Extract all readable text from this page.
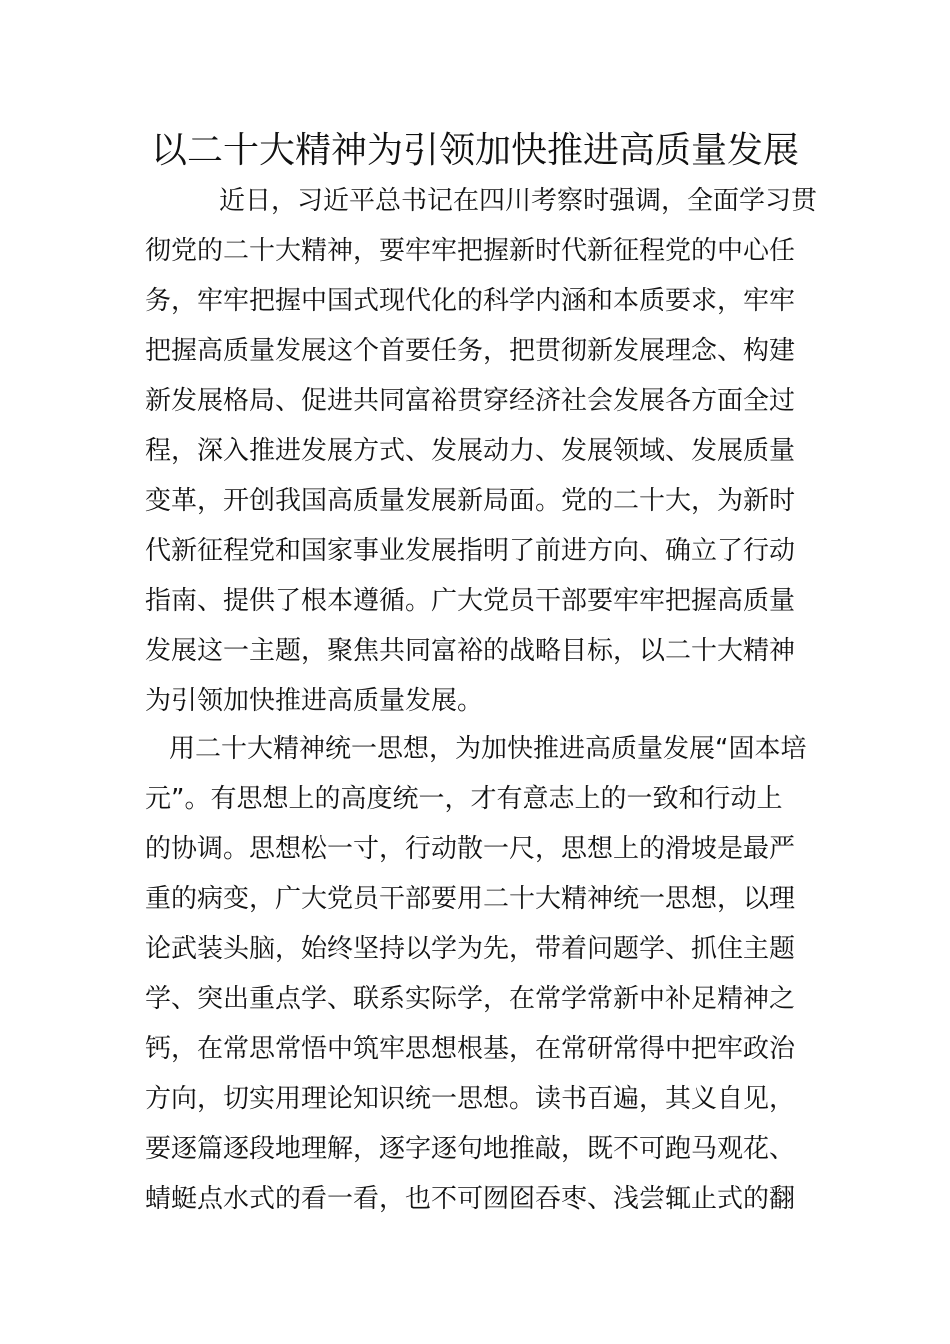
以二十大精神为引领加快推进高质量发展
近日，习近平总书记在四川考察时强调，全面学习贯
彻党的二十大精神，要牢牢把握新时代新征程党的中心任
务，牢牢把握中国式现代化的科学内涵和本质要求，牢牢
把握高质量发展这个首要任务，把贯彻新发展理念、构建
新发展格局、促进共同富裕贯穿经济社会发展各方面全过
程，深入推进发展方式、发展动力、发展领域、发展质量
变革，开创我国高质量发展新局面。党的二十大，为新时
代新征程党和国家事业发展指明了前进方向、确立了行动
指南、提供了根本遵循。广大党员干部要牢牢把握高质量
发展这一主题，聚焦共同富裕的战略目标，以二十大精神
为引领加快推进高质量发展。
用二十大精神统一思想，为加快推进高质量发展“固本培
元”。有思想上的高度统一，才有意志上的一致和行动上
的协调。思想松一寸，行动散一尺，思想上的滑坡是最严
重的病变，广大党员干部要用二十大精神统一思想，以理
论武装头脑，始终坚持以学为先，带着问题学、抓住主题
学、突出重点学、联系实际学，在常学常新中补足精神之
钙，在常思常悟中筑牢思想根基，在常研常得中把牢政治
方向，切实用理论知识统一思想。读书百遍，其义自见，
要逐篇逐段地理解，逐字逐句地推敲，既不可跑马观花、
蜻蜓点水式的看一看，也不可囫囵吞枣、浅尝辄止式的翻
